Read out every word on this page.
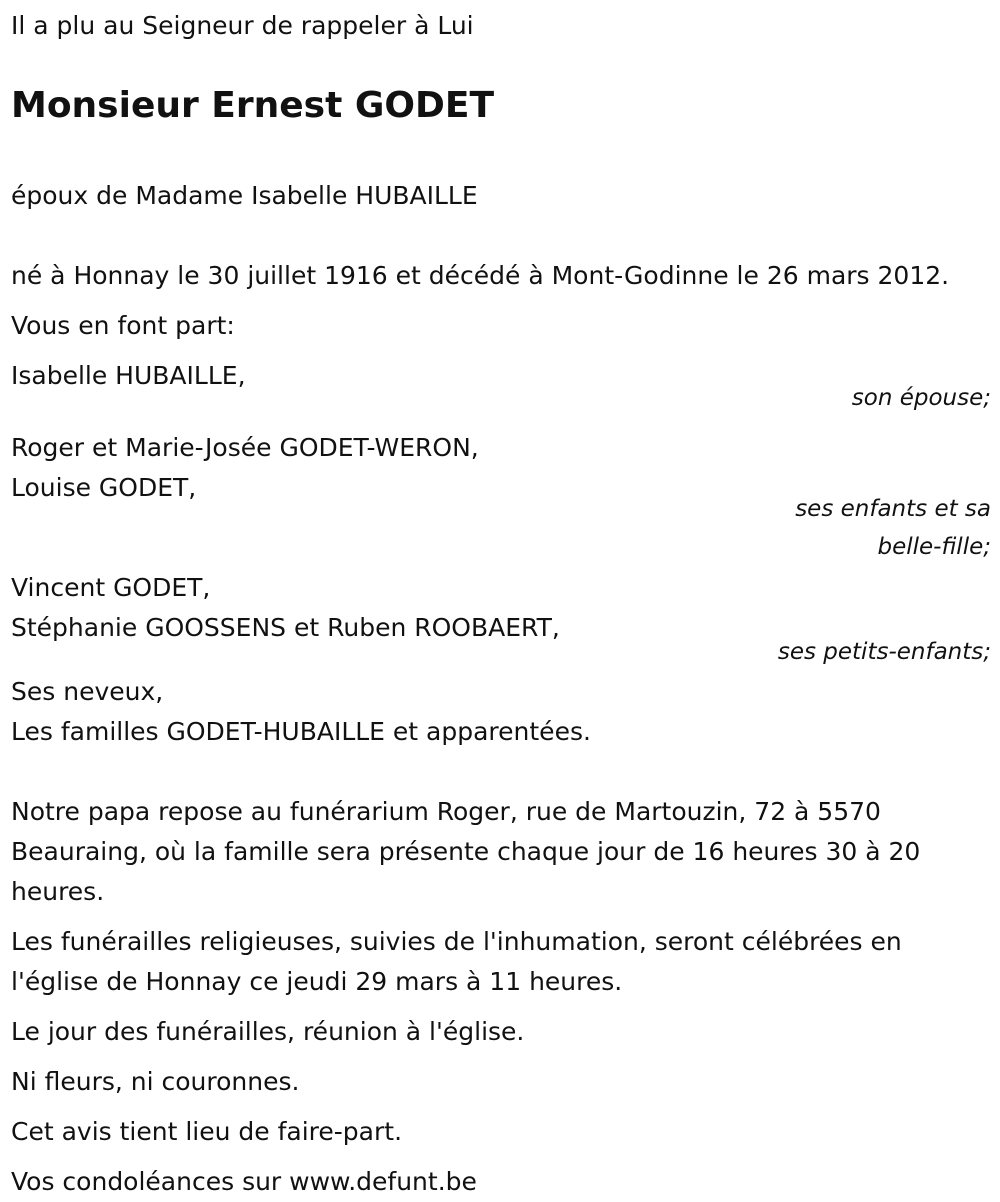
Il a plu au Seigneur de rappeler à Lui
Monsieur Ernest GODET
époux de Madame Isabelle HUBAILLE
né à Honnay le 30 juillet 1916 et décédé à Mont-Godinne le 26 mars 2012.
Vous en font part:
Isabelle HUBAILLE,
son épouse;
Roger et Marie-Josée GODET-WERON,
Louise GODET,
ses enfants et sa belle-fille;
Vincent GODET,
Stéphanie GOOSSENS et Ruben ROOBAERT,
ses petits-enfants;
Ses neveux,
Les familles GODET-HUBAILLE et apparentées.
Notre papa repose au funérarium Roger, rue de Martouzin, 72 à 5570 Beauraing, où la famille sera présente chaque jour de 16 heures 30 à 20 heures.
Les funérailles religieuses, suivies de l'inhumation, seront célébrées en l'église de Honnay ce jeudi 29 mars à 11 heures.
Le jour des funérailles, réunion à l'église.
Ni fleurs, ni couronnes.
Cet avis tient lieu de faire-part.
Vos condoléances sur www.defunt.be
